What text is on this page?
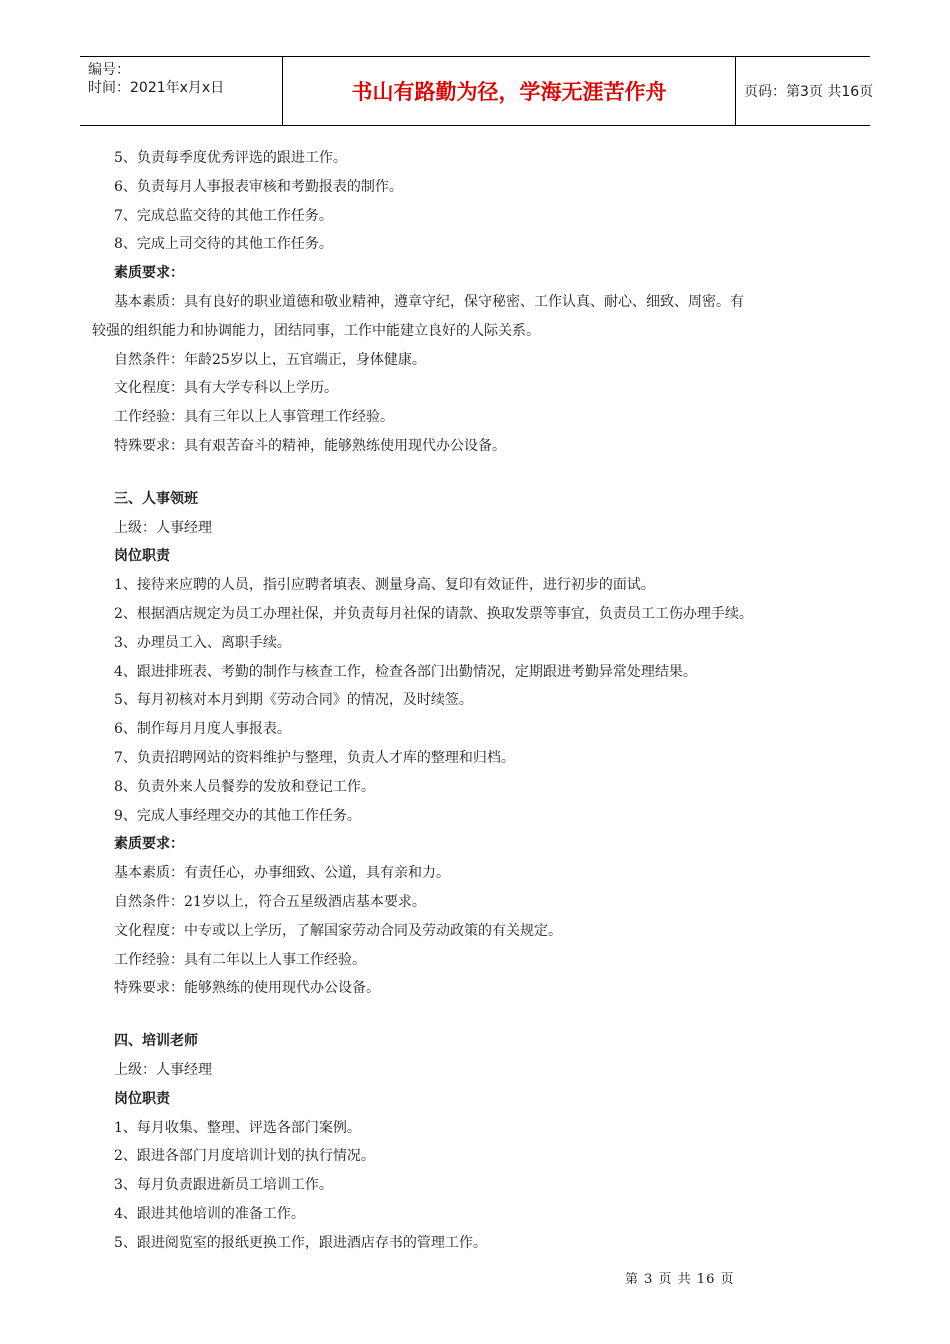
编号：
时间：2021年x月x日	书山有路勤为径，学海无涯苦作舟	页码：第3页 共16页
5、负责每季度优秀评选的跟进工作。
6、负责每月人事报表审核和考勤报表的制作。
7、完成总监交待的其他工作任务。
8、完成上司交待的其他工作任务。
素质要求：
基本素质：具有良好的职业道德和敬业精神，遵章守纪，保守秘密、工作认真、耐心、细致、周密。有
较强的组织能力和协调能力，团结同事，工作中能建立良好的人际关系。
自然条件：年龄25岁以上，五官端正，身体健康。
文化程度：具有大学专科以上学历。
工作经验：具有三年以上人事管理工作经验。
特殊要求：具有艰苦奋斗的精神，能够熟练使用现代办公设备。
三、人事领班
上级：人事经理
岗位职责
1、接待来应聘的人员，指引应聘者填表、测量身高、复印有效证件，进行初步的面试。
2、根据酒店规定为员工办理社保，并负责每月社保的请款、换取发票等事宜，负责员工工伤办理手续。
3、办理员工入、离职手续。
4、跟进排班表、考勤的制作与核查工作，检查各部门出勤情况，定期跟进考勤异常处理结果。
5、每月初核对本月到期《劳动合同》的情况，及时续签。
6、制作每月月度人事报表。
7、负责招聘网站的资料维护与整理，负责人才库的整理和归档。
8、负责外来人员餐券的发放和登记工作。
9、完成人事经理交办的其他工作任务。
素质要求：
基本素质：有责任心，办事细致、公道，具有亲和力。
自然条件：21岁以上，符合五星级酒店基本要求。
文化程度：中专或以上学历，了解国家劳动合同及劳动政策的有关规定。
工作经验：具有二年以上人事工作经验。
特殊要求：能够熟练的使用现代办公设备。
四、培训老师
上级：人事经理
岗位职责
1、每月收集、整理、评选各部门案例。
2、跟进各部门月度培训计划的执行情况。
3、每月负责跟进新员工培训工作。
4、跟进其他培训的准备工作。
5、跟进阅览室的报纸更换工作，跟进酒店存书的管理工作。
第 3 页 共 16 页
